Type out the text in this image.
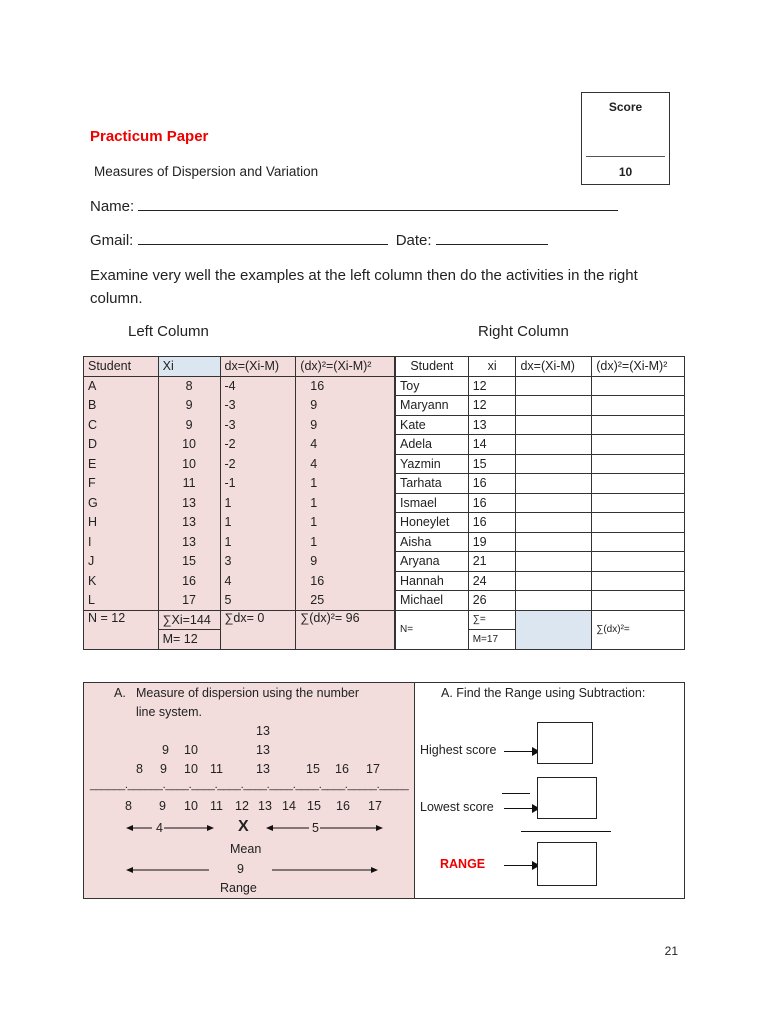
Score
10
Practicum Paper
Measures of Dispersion and Variation
Name:
Gmail:	Date:
Examine very well the examples at the left column then do the activities in the right column.
Left Column	Right Column
Student	Xi	dx=(Xi-M)	(dx)²=(Xi-M)²
A	8	-4	16
B	9	-3	9
C	9	-3	9
D	10	-2	4
E	10	-2	4
F	11	-1	1
G	13	1	1
H	13	1	1
I	13	1	1
J	15	3	9
K	16	4	16
L	17	5	25
N = 12	∑Xi=144	∑dx= 0	∑(dx)²= 96
	M= 12		
Student	xi	dx=(Xi-M)	(dx)²=(Xi-M)²
Toy	12		
Maryann	12		
Kate	13		
Adela	14		
Yazmin	15		
Tarhata	16		
Ismael	16		
Honeylet	16		
Aisha	19		
Aryana	21		
Hannah	24		
Michael	26		
N=	∑=		∑(dx)²=
	M=17		
A. Measure of dispersion using the number
line system.
13
9 10	13
8 9 10 11	13	15 16 17
______.______.____.____.____.____.____.____.____._____._____
8 9 10 11 12 13 14 15 16 17
4	X	5
Mean
9
Range
A. Find the Range using Subtraction:
Highest score
Lowest score
RANGE
21
